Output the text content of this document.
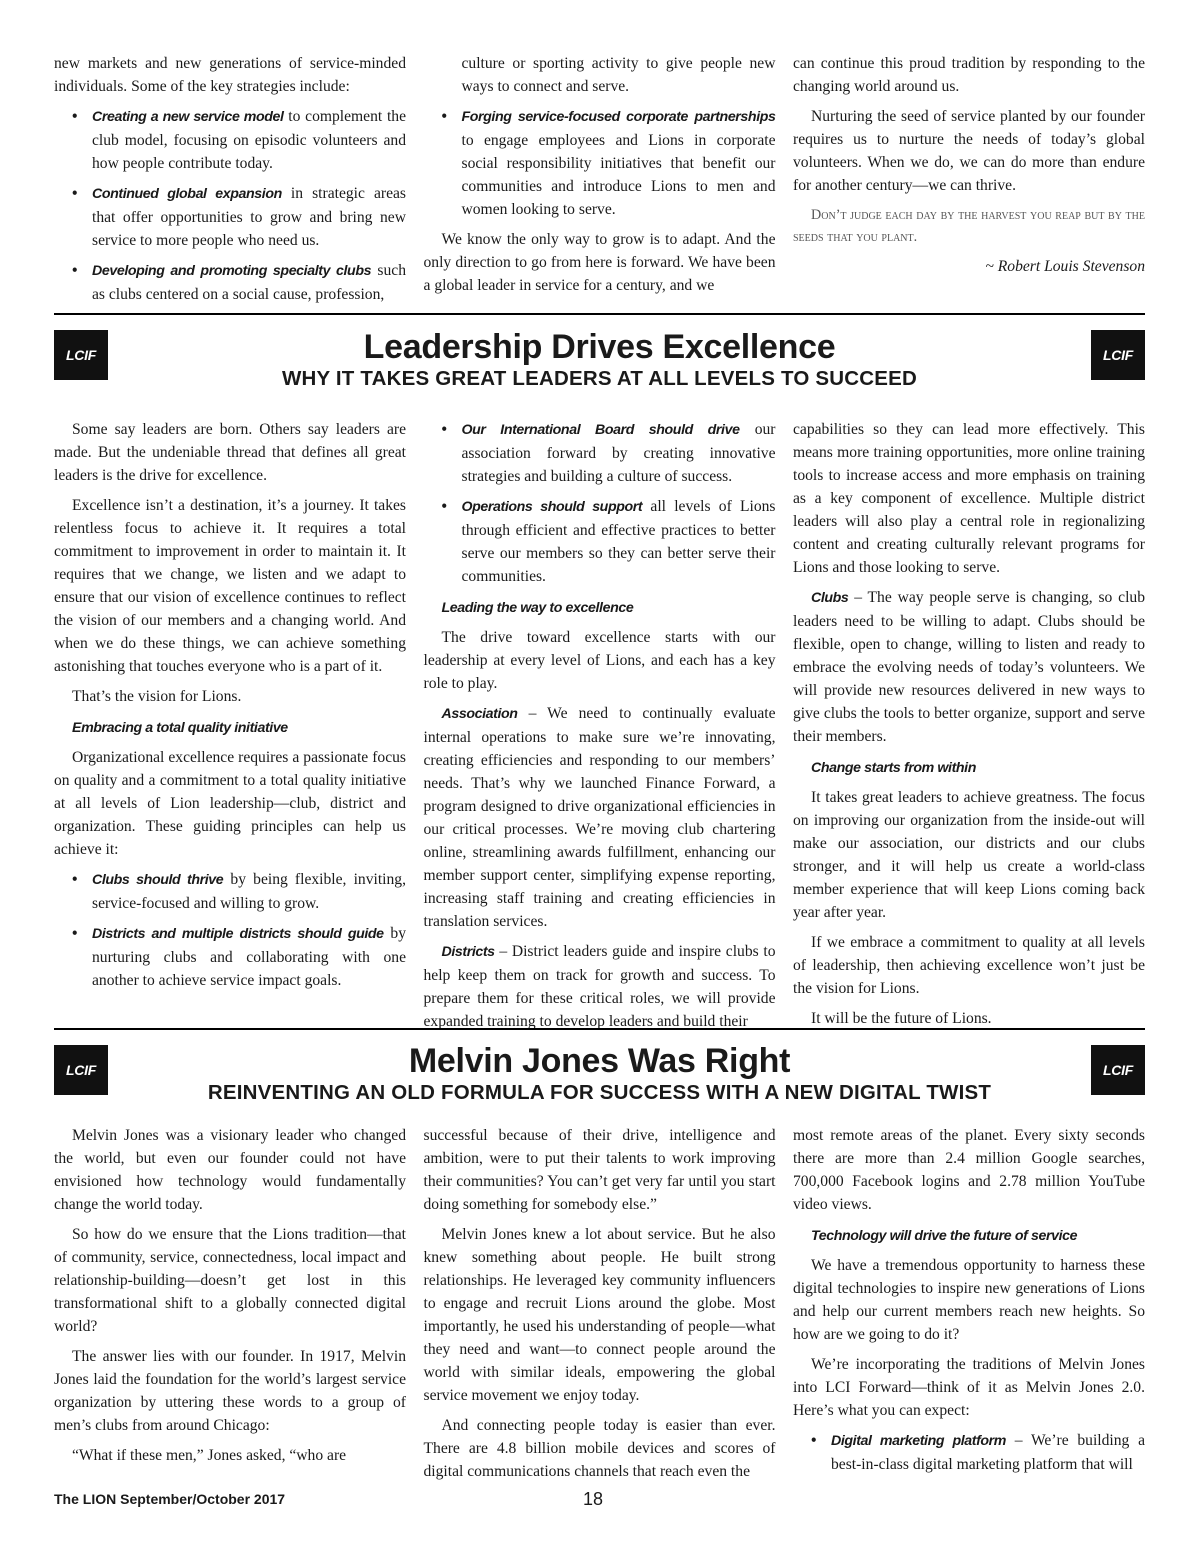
new markets and new generations of service-minded individuals. Some of the key strategies include:

• Creating a new service model to complement the club model, focusing on episodic volunteers and how people contribute today.
• Continued global expansion in strategic areas that offer opportunities to grow and bring new service to more people who need us.
• Developing and promoting specialty clubs such as clubs centered on a social cause, profession,
culture or sporting activity to give people new ways to connect and serve.
• Forging service-focused corporate partnerships to engage employees and Lions in corporate social responsibility initiatives that benefit our communities and introduce Lions to men and women looking to serve.

We know the only way to grow is to adapt. And the only direction to go from here is forward. We have been a global leader in service for a century, and we

can continue this proud tradition by responding to the changing world around us.

Nurturing the seed of service planted by our founder requires us to nurture the needs of today’s global volunteers. When we do, we can do more than endure for another century—we can thrive.

Don’t judge each day by the harvest you reap but by the seeds that you plant.

~ Robert Louis Stevenson

LCIF	LCIF
Leadership Drives Excellence
WHY IT TAKES GREAT LEADERS AT ALL LEVELS TO SUCCEED

Some say leaders are born. Others say leaders are made. But the undeniable thread that defines all great leaders is the drive for excellence.

Excellence isn’t a destination, it’s a journey. It takes relentless focus to achieve it. It requires a total commitment to improvement in order to maintain it. It requires that we change, we listen and we adapt to ensure that our vision of excellence continues to reflect the vision of our members and a changing world. And when we do these things, we can achieve something astonishing that touches everyone who is a part of it.

That’s the vision for Lions.

Embracing a total quality initiative

Organizational excellence requires a passionate focus on quality and a commitment to a total quality initiative at all levels of Lion leadership—club, district and organization. These guiding principles can help us achieve it:

• Clubs should thrive by being flexible, inviting, service-focused and willing to grow.
• Districts and multiple districts should guide by nurturing clubs and collaborating with one another to achieve service impact goals.
• Our International Board should drive our association forward by creating innovative strategies and building a culture of success.
• Operations should support all levels of Lions through efficient and effective practices to better serve our members so they can better serve their communities.
Leading the way to excellence

The drive toward excellence starts with our leadership at every level of Lions, and each has a key role to play.

Association – We need to continually evaluate internal operations to make sure we’re innovating, creating efficiencies and responding to our members’ needs. That’s why we launched Finance Forward, a program designed to drive organizational efficiencies in our critical processes. We’re moving club chartering online, streamlining awards fulfillment, enhancing our member support center, simplifying expense reporting, increasing staff training and creating efficiencies in translation services.

Districts – District leaders guide and inspire clubs to help keep them on track for growth and success. To prepare them for these critical roles, we will provide expanded training to develop leaders and build their

capabilities so they can lead more effectively. This means more training opportunities, more online training tools to increase access and more emphasis on training as a key component of excellence. Multiple district leaders will also play a central role in regionalizing content and creating culturally relevant programs for Lions and those looking to serve.

Clubs – The way people serve is changing, so club leaders need to be willing to adapt. Clubs should be flexible, open to change, willing to listen and ready to embrace the evolving needs of today’s volunteers. We will provide new resources delivered in new ways to give clubs the tools to better organize, support and serve their members.

Change starts from within

It takes great leaders to achieve greatness. The focus on improving our organization from the inside-out will make our association, our districts and our clubs stronger, and it will help us create a world-class member experience that will keep Lions coming back year after year.

If we embrace a commitment to quality at all levels of leadership, then achieving excellence won’t just be the vision for Lions.

It will be the future of Lions.

LCIF	LCIF
Melvin Jones Was Right
REINVENTING AN OLD FORMULA FOR SUCCESS WITH A NEW DIGITAL TWIST

Melvin Jones was a visionary leader who changed the world, but even our founder could not have envisioned how technology would fundamentally change the world today.

So how do we ensure that the Lions tradition—that of community, service, connectedness, local impact and relationship-building—doesn’t get lost in this transformational shift to a globally connected digital world?

The answer lies with our founder. In 1917, Melvin Jones laid the foundation for the world’s largest service organization by uttering these words to a group of men’s clubs from around Chicago:

“What if these men,” Jones asked, “who are

successful because of their drive, intelligence and ambition, were to put their talents to work improving their communities? You can’t get very far until you start doing something for somebody else.”

Melvin Jones knew a lot about service. But he also knew something about people. He built strong relationships. He leveraged key community influencers to engage and recruit Lions around the globe. Most importantly, he used his understanding of people—what they need and want—to connect people around the world with similar ideals, empowering the global service movement we enjoy today.

And connecting people today is easier than ever. There are 4.8 billion mobile devices and scores of digital communications channels that reach even the

most remote areas of the planet. Every sixty seconds there are more than 2.4 million Google searches, 700,000 Facebook logins and 2.78 million YouTube video views.

Technology will drive the future of service

We have a tremendous opportunity to harness these digital technologies to inspire new generations of Lions and help our current members reach new heights. So how are we going to do it?

We’re incorporating the traditions of Melvin Jones into LCI Forward—think of it as Melvin Jones 2.0. Here’s what you can expect:

• Digital marketing platform – We’re building a best-in-class digital marketing platform that will
The LION September/October 2017	18
